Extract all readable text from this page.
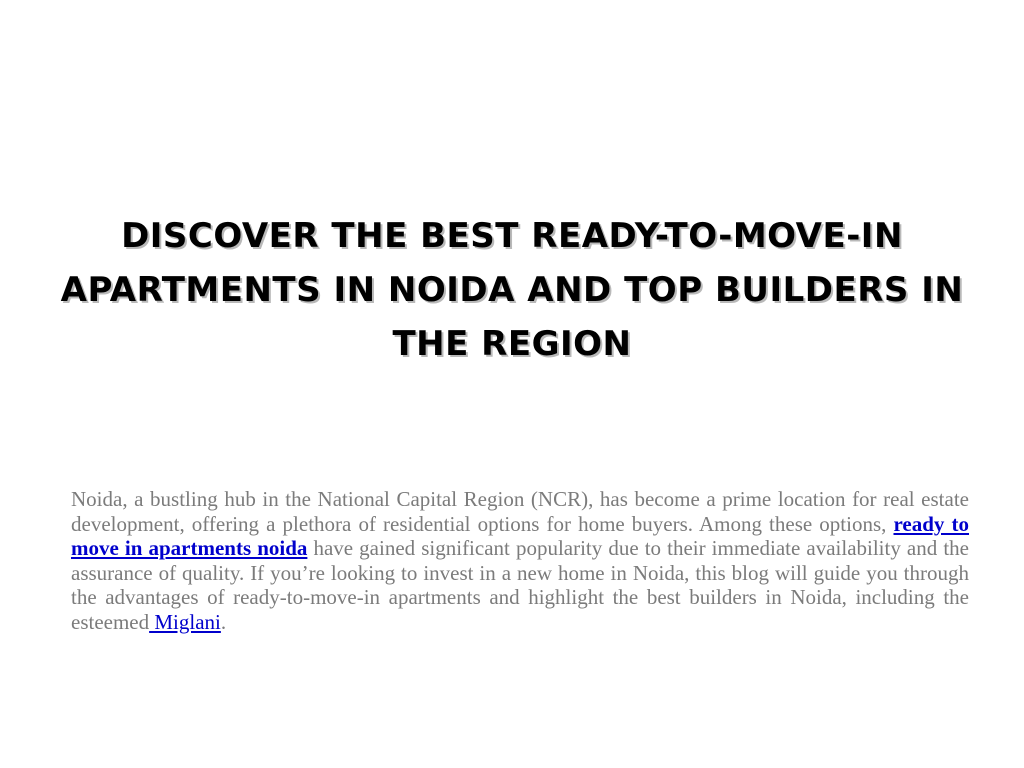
DISCOVER THE BEST READY-TO-MOVE-IN
APARTMENTS IN NOIDA AND TOP BUILDERS IN
THE REGION

Noida, a bustling hub in the National Capital Region (NCR), has become a prime location for real estate development, offering a plethora of residential options for home buyers. Among these options, ready to move in apartments noida have gained significant popularity due to their immediate availability and the assurance of quality. If you’re looking to invest in a new home in Noida, this blog will guide you through the advantages of ready-to-move-in apartments and highlight the best builders in Noida, including the esteemed Miglani.
